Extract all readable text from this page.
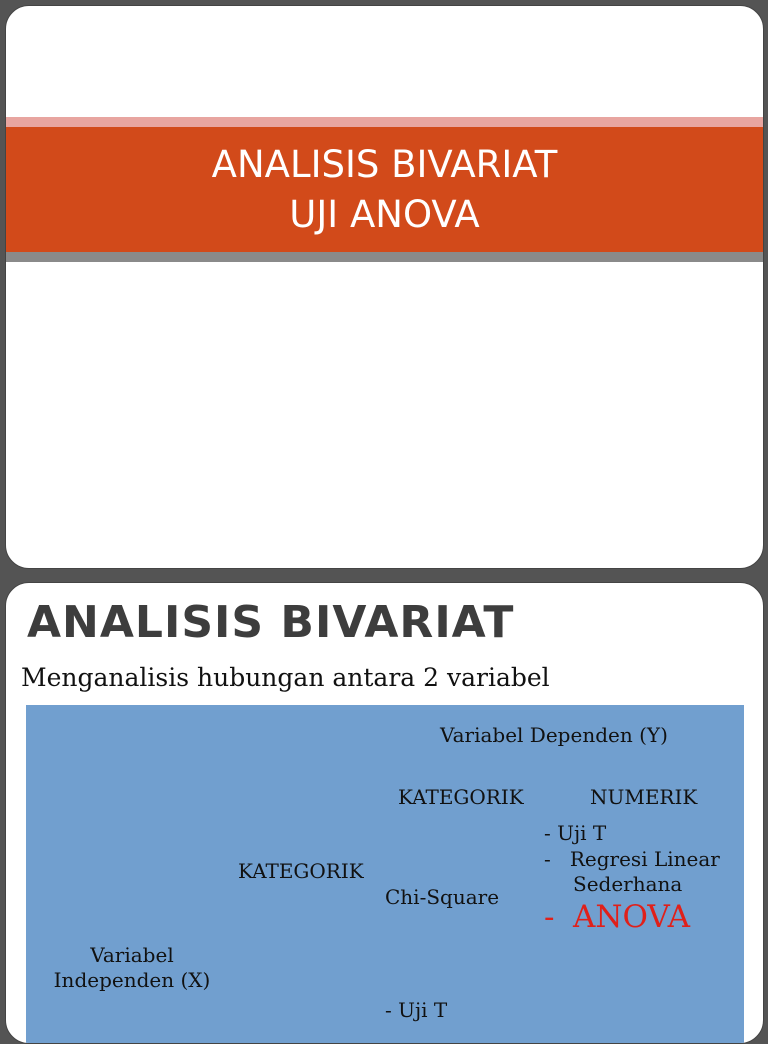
ANALISIS BIVARIAT
UJI ANOVA
ANALISIS BIVARIAT
Menganalisis hubungan antara 2 variabel
Variabel Dependen (Y)
KATEGORIK	NUMERIK
- Uji T
-   Regresi Linear
Sederhana
- ANOVA
KATEGORIK
Chi-Square
Variabel
Independen (X)
- Uji T
